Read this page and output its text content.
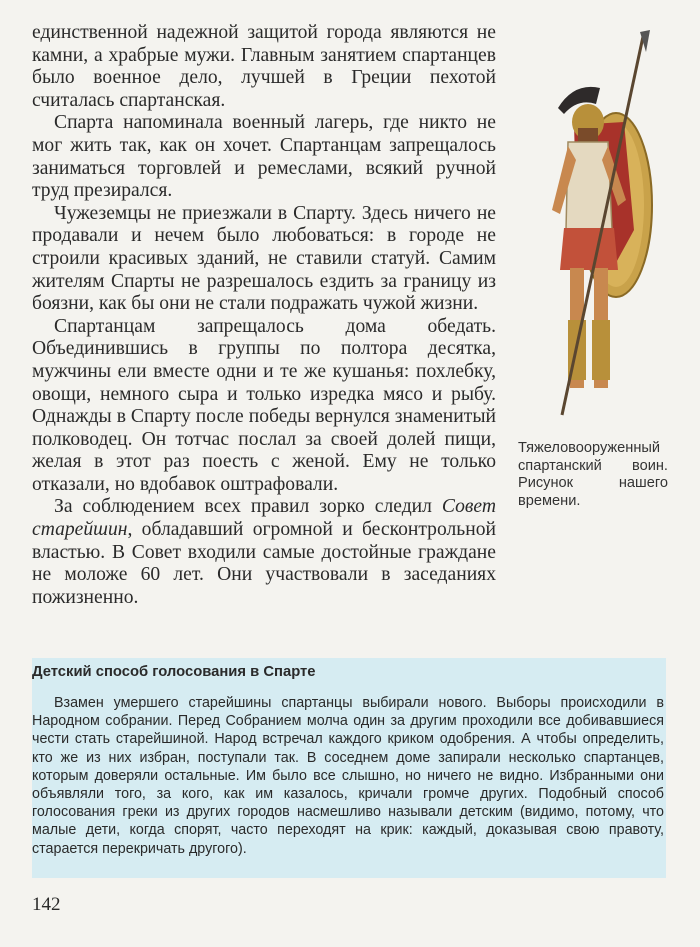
единственной надежной защитой города являются не камни, а храбрые мужи. Главным занятием спартанцев было военное дело, лучшей в Греции пехотой считалась спартанская.

Спарта напоминала военный лагерь, где никто не мог жить так, как он хочет. Спартанцам запрещалось заниматься торговлей и ремеслами, всякий ручной труд презирался.

Чужеземцы не приезжали в Спарту. Здесь ничего не продавали и нечем было любоваться: в городе не строили красивых зданий, не ставили статуй. Самим жителям Спарты не разрешалось ездить за границу из боязни, как бы они не стали подражать чужой жизни.

Спартанцам запрещалось дома обедать. Объединившись в группы по полтора десятка, мужчины ели вместе одни и те же кушанья: похлебку, овощи, немного сыра и только изредка мясо и рыбу. Однажды в Спарту после победы вернулся знаменитый полководец. Он тотчас послал за своей долей пищи, желая в этот раз поесть с женой. Ему не только отказали, но вдобавок оштрафовали.

За соблюдением всех правил зорко следил Совет старейшин, обладавший огромной и бесконтрольной властью. В Совет входили самые достойные граждане не моложе 60 лет. Они участвовали в заседаниях пожизненно.

Тяжеловооруженный спартанский воин. Рисунок нашего времени.
Детский способ голосования в Спарте

Взамен умершего старейшины спартанцы выбирали нового. Выборы происходили в Народном собрании. Перед Собранием молча один за другим проходили все добивавшиеся чести стать старейшиной. Народ встречал каждого криком одобрения. А чтобы определить, кто же из них избран, поступали так. В соседнем доме запирали несколько спартанцев, которым доверяли остальные. Им было все слышно, но ничего не видно. Избранными они объявляли того, за кого, как им казалось, кричали громче других. Подобный способ голосования греки из других городов насмешливо называли детским (видимо, потому, что малые дети, когда спорят, часто переходят на крик: каждый, доказывая свою правоту, старается перекричать другого).

142
